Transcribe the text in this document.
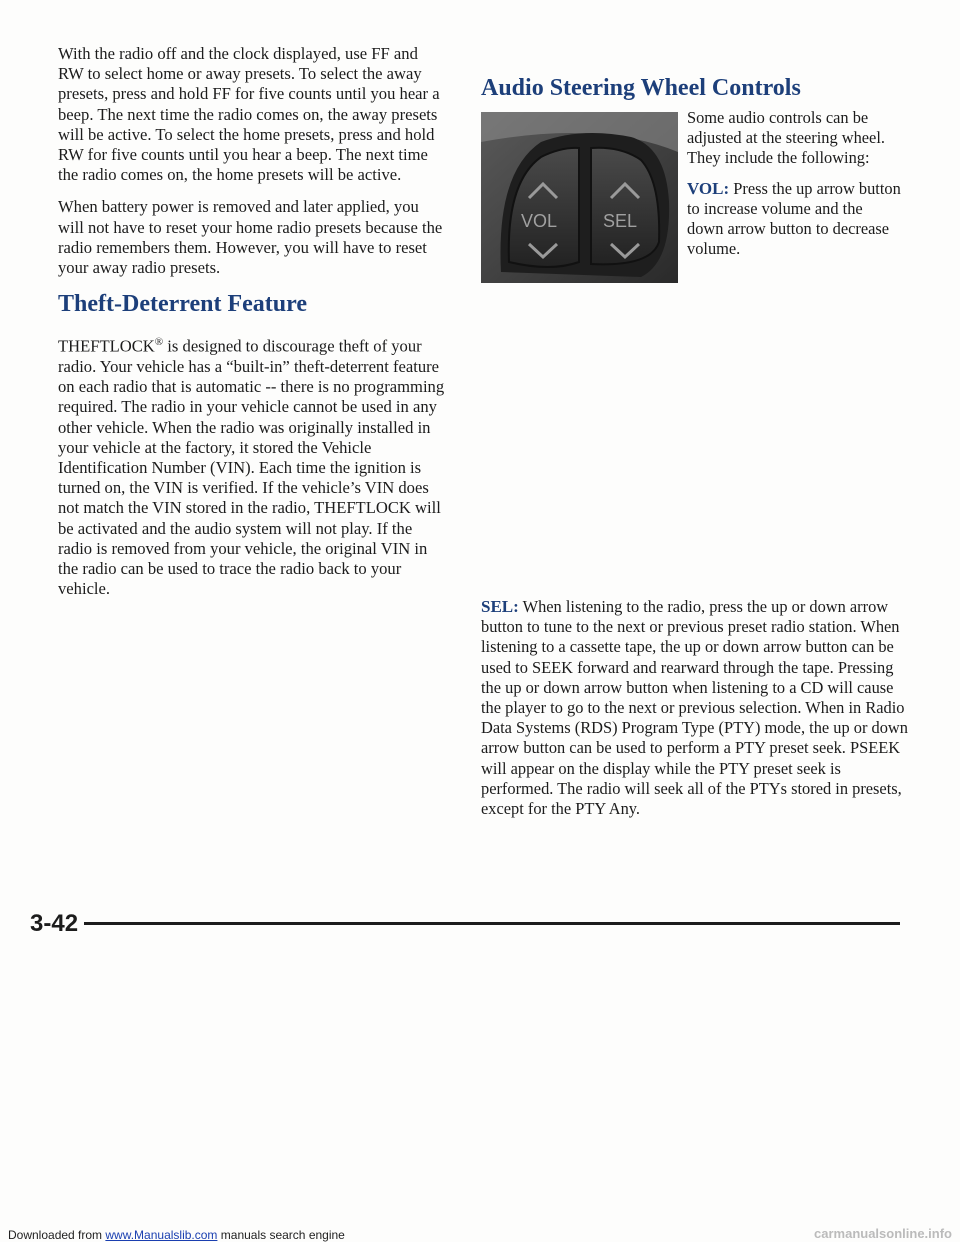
With the radio off and the clock displayed, use FF and RW to select home or away presets. To select the away presets, press and hold FF for five counts until you hear a beep. The next time the radio comes on, the away presets will be active. To select the home presets, press and hold RW for five counts until you hear a beep. The next time the radio comes on, the home presets will be active.

When battery power is removed and later applied, you will not have to reset your home radio presets because the radio remembers them. However, you will have to reset your away radio presets.

Theft-Deterrent Feature

THEFTLOCK® is designed to discourage theft of your radio. Your vehicle has a “built-in” theft-deterrent feature on each radio that is automatic -- there is no programming required. The radio in your vehicle cannot be used in any other vehicle. When the radio was originally installed in your vehicle at the factory, it stored the Vehicle Identification Number (VIN). Each time the ignition is turned on, the VIN is verified. If the vehicle’s VIN does not match the VIN stored in the radio, THEFTLOCK will be activated and the audio system will not play. If the radio is removed from your vehicle, the original VIN in the radio can be used to trace the radio back to your vehicle.

Audio Steering Wheel Controls
VOL	SEL

Some audio controls can be adjusted at the steering wheel. They include the following:

VOL: Press the up arrow button to increase volume and the down arrow button to decrease volume.

SEL: When listening to the radio, press the up or down arrow button to tune to the next or previous preset radio station. When listening to a cassette tape, the up or down arrow button can be used to SEEK forward and rearward through the tape. Pressing the up or down arrow button when listening to a CD will cause the player to go to the next or previous selection. When in Radio Data Systems (RDS) Program Type (PTY) mode, the up or down arrow button can be used to perform a PTY preset seek. PSEEK will appear on the display while the PTY preset seek is performed. The radio will seek all of the PTYs stored in presets, except for the PTY Any.

3-42
Downloaded from www.Manualslib.com manuals search engine	carmanualsonline.info
